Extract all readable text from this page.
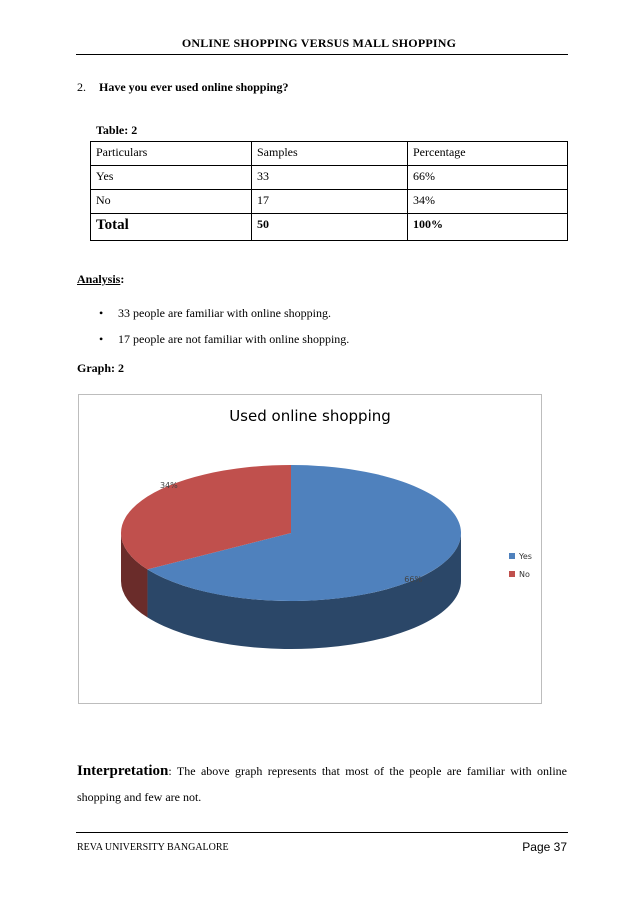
ONLINE SHOPPING VERSUS MALL SHOPPING
2. Have you ever used online shopping?
Table: 2
Particulars	Samples	Percentage
Yes	33	66%
No	17	34%
Total	50	100%
Analysis:
• 33 people are familiar with online shopping.
• 17 people are not familiar with online shopping.
Graph: 2
Used online shopping
66%
34%
Yes
No
Interpretation: The above graph represents that most of the people are familiar with online shopping and few are not.
REVA UNIVERSITY BANGALORE	Page 37
